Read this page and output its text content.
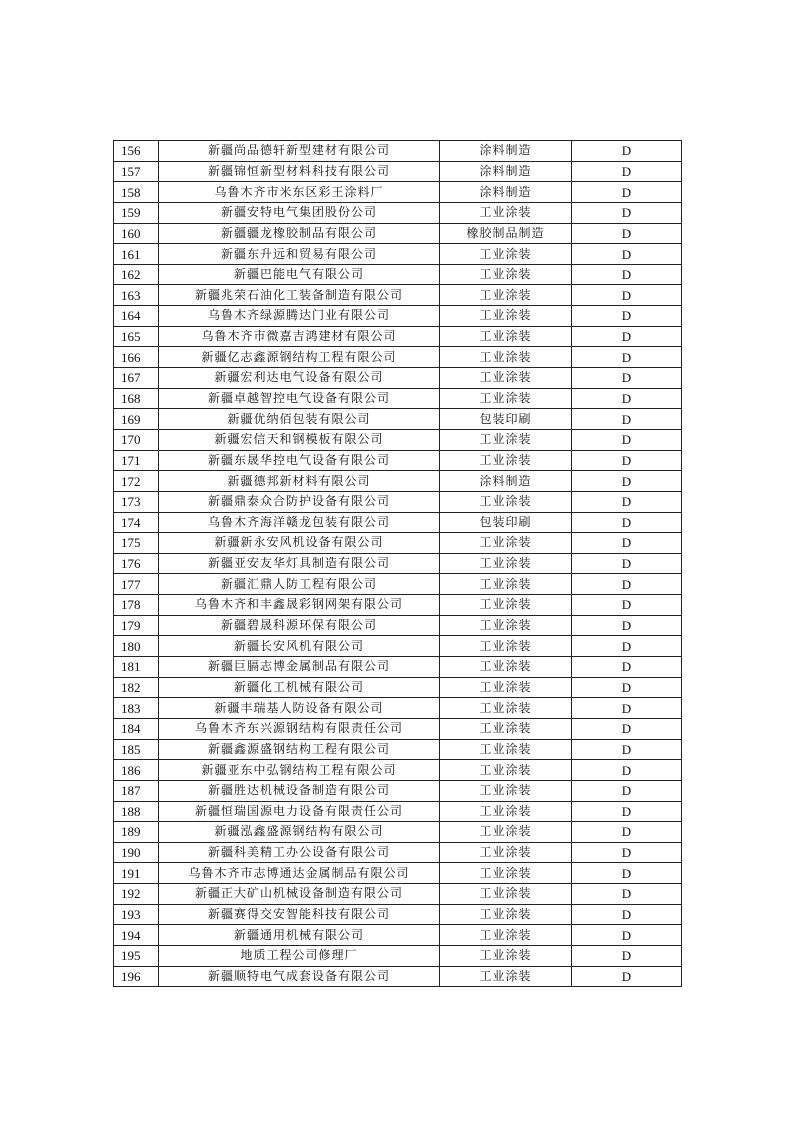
156	新疆尚品德轩新型建材有限公司	涂料制造	D
157	新疆锦恒新型材料科技有限公司	涂料制造	D
158	乌鲁木齐市米东区彩王涂料厂	涂料制造	D
159	新疆安特电气集团股份公司	工业涂装	D
160	新疆疆龙橡胶制品有限公司	橡胶制品制造	D
161	新疆东升远和贸易有限公司	工业涂装	D
162	新疆巴能电气有限公司	工业涂装	D
163	新疆兆荣石油化工装备制造有限公司	工业涂装	D
164	乌鲁木齐绿源腾达门业有限公司	工业涂装	D
165	乌鲁木齐市微嘉吉鸿建材有限公司	工业涂装	D
166	新疆亿志鑫源钢结构工程有限公司	工业涂装	D
167	新疆宏利达电气设备有限公司	工业涂装	D
168	新疆卓越智控电气设备有限公司	工业涂装	D
169	新疆优纳佰包装有限公司	包装印刷	D
170	新疆宏信天和钢模板有限公司	工业涂装	D
171	新疆东晟华控电气设备有限公司	工业涂装	D
172	新疆德邦新材料有限公司	涂料制造	D
173	新疆鼎泰众合防护设备有限公司	工业涂装	D
174	乌鲁木齐海洋赣龙包装有限公司	包装印刷	D
175	新疆新永安风机设备有限公司	工业涂装	D
176	新疆亚安友华灯具制造有限公司	工业涂装	D
177	新疆汇鼎人防工程有限公司	工业涂装	D
178	乌鲁木齐和丰鑫晟彩钢网架有限公司	工业涂装	D
179	新疆碧晟科源环保有限公司	工业涂装	D
180	新疆长安风机有限公司	工业涂装	D
181	新疆巨膈志博金属制品有限公司	工业涂装	D
182	新疆化工机械有限公司	工业涂装	D
183	新疆丰瑞基人防设备有限公司	工业涂装	D
184	乌鲁木齐东兴源钢结构有限责任公司	工业涂装	D
185	新疆鑫源盛钢结构工程有限公司	工业涂装	D
186	新疆亚东中弘钢结构工程有限公司	工业涂装	D
187	新疆胜达机械设备制造有限公司	工业涂装	D
188	新疆恒瑞国源电力设备有限责任公司	工业涂装	D
189	新疆泓鑫盛源钢结构有限公司	工业涂装	D
190	新疆科美精工办公设备有限公司	工业涂装	D
191	乌鲁木齐市志博通达金属制品有限公司	工业涂装	D
192	新疆正大矿山机械设备制造有限公司	工业涂装	D
193	新疆赛得交安智能科技有限公司	工业涂装	D
194	新疆通用机械有限公司	工业涂装	D
195	地质工程公司修理厂	工业涂装	D
196	新疆顺特电气成套设备有限公司	工业涂装	D
